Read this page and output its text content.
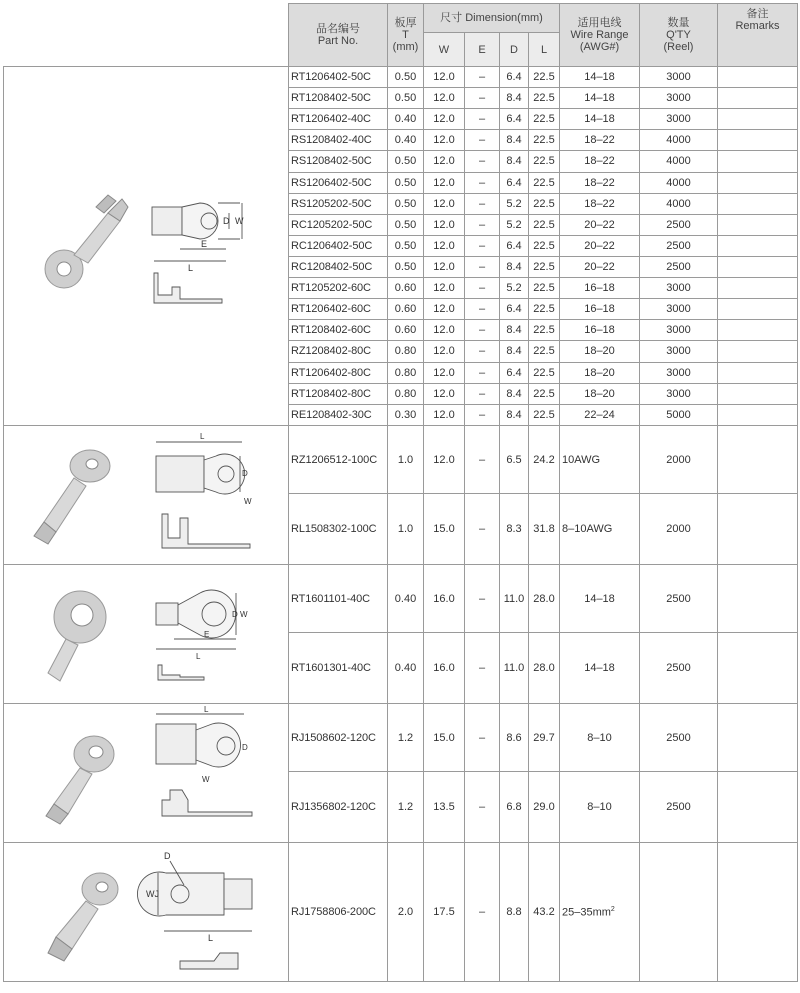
	品名编号
Part No.	板厚
T
(mm)	尺寸 Dimension(mm)				适用电线
Wire Range
(AWG#)	数量
Q'TY
(Reel)	备注
Remarks

			W	E	D	L			

D W
E
L	RT1206402-50C	0.50	12.0	–	6.4	22.5	14–18	3000	
	RT1208402-50C	0.50	12.0	–	8.4	22.5	14–18	3000	
	RT1206402-40C	0.40	12.0	–	6.4	22.5	14–18	3000	
	RS1208402-40C	0.40	12.0	–	8.4	22.5	18–22	4000	
	RS1208402-50C	0.50	12.0	–	8.4	22.5	18–22	4000	
	RS1206402-50C	0.50	12.0	–	6.4	22.5	18–22	4000	
	RS1205202-50C	0.50	12.0	–	5.2	22.5	18–22	4000	
	RC1205202-50C	0.50	12.0	–	5.2	22.5	20–22	2500	
	RC1206402-50C	0.50	12.0	–	6.4	22.5	20–22	2500	
	RC1208402-50C	0.50	12.0	–	8.4	22.5	20–22	2500	
	RT1205202-60C	0.60	12.0	–	5.2	22.5	16–18	3000	
	RT1206402-60C	0.60	12.0	–	6.4	22.5	16–18	3000	
	RT1208402-60C	0.60	12.0	–	8.4	22.5	16–18	3000	
	RZ1208402-80C	0.80	12.0	–	8.4	22.5	18–20	3000	
	RT1206402-80C	0.80	12.0	–	6.4	22.5	18–20	3000	
	RT1208402-80C	0.80	12.0	–	8.4	22.5	18–20	3000	
	RE1208402-30C	0.30	12.0	–	8.4	22.5	22–24	5000	

L
D
W	RZ1206512-100C	1.0	12.0	–	6.5	24.2	10AWG	2000	
	RL1508302-100C	1.0	15.0	–	8.3	31.8	8–10AWG	2000	

D W
E
L	RT1601101-40C	0.40	16.0	–	11.0	28.0	14–18	2500	
	RT1601301-40C	0.40	16.0	–	11.0	28.0	14–18	2500	

L
D
W	RJ1508602-120C	1.2	15.0	–	8.6	29.7	8–10	2500	
	RJ1356802-120C	1.2	13.5	–	6.8	29.0	8–10	2500	

D
WJ
L	RJ1758806-200C	2.0	17.5	–	8.8	43.2	$25-35mm^2$		
